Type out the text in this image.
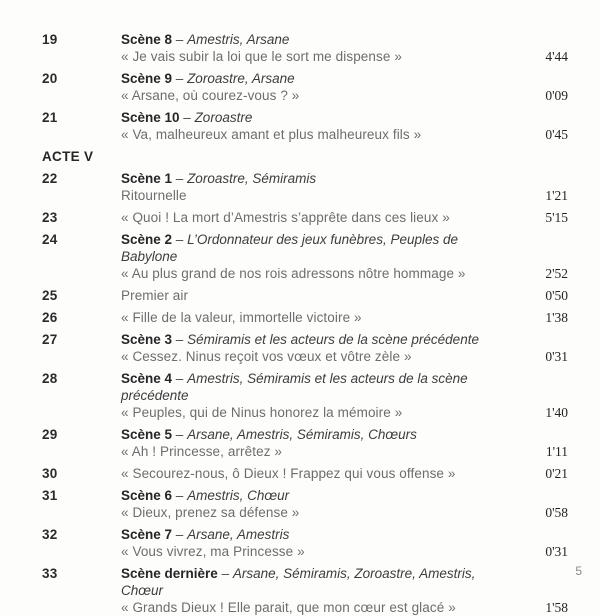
19	Scène 8 – Amestris, Arsane
« Je vais subir la loi que le sort me dispense »	4'44
20	Scène 9 – Zoroastre, Arsane
« Arsane, où courez-vous ? »	0'09
21	Scène 10 – Zoroastre
« Va, malheureux amant et plus malheureux fils »	0'45
ACTE V
22	Scène 1 – Zoroastre, Sémiramis
Ritournelle	1'21
23	« Quoi ! La mort d’Amestris s’apprête dans ces lieux »	5'15
24	Scène 2 – L’Ordonnateur des jeux funèbres, Peuples de Babylone
« Au plus grand de nos rois adressons nôtre hommage »	2'52
25	Premier air	0'50
26	« Fille de la valeur, immortelle victoire »	1'38
27	Scène 3 – Sémiramis et les acteurs de la scène précédente
« Cessez. Ninus reçoit vos vœux et vôtre zèle »	0'31
28	Scène 4 – Amestris, Sémiramis et les acteurs de la scène précédente
« Peuples, qui de Ninus honorez la mémoire »	1'40
29	Scène 5 – Arsane, Amestris, Sémiramis, Chœurs
« Ah ! Princesse, arrêtez »	1'11
30	« Secourez-nous, ô Dieux ! Frappez qui vous offense »	0'21
31	Scène 6 – Amestris, Chœur
« Dieux, prenez sa défense »	0'58
32	Scène 7 – Arsane, Amestris
« Vous vivrez, ma Princesse »	0'31
33	Scène dernière – Arsane, Sémiramis, Zoroastre, Amestris, Chœur
« Grands Dieux ! Elle parait, que mon cœur est glacé »	1'58
5
